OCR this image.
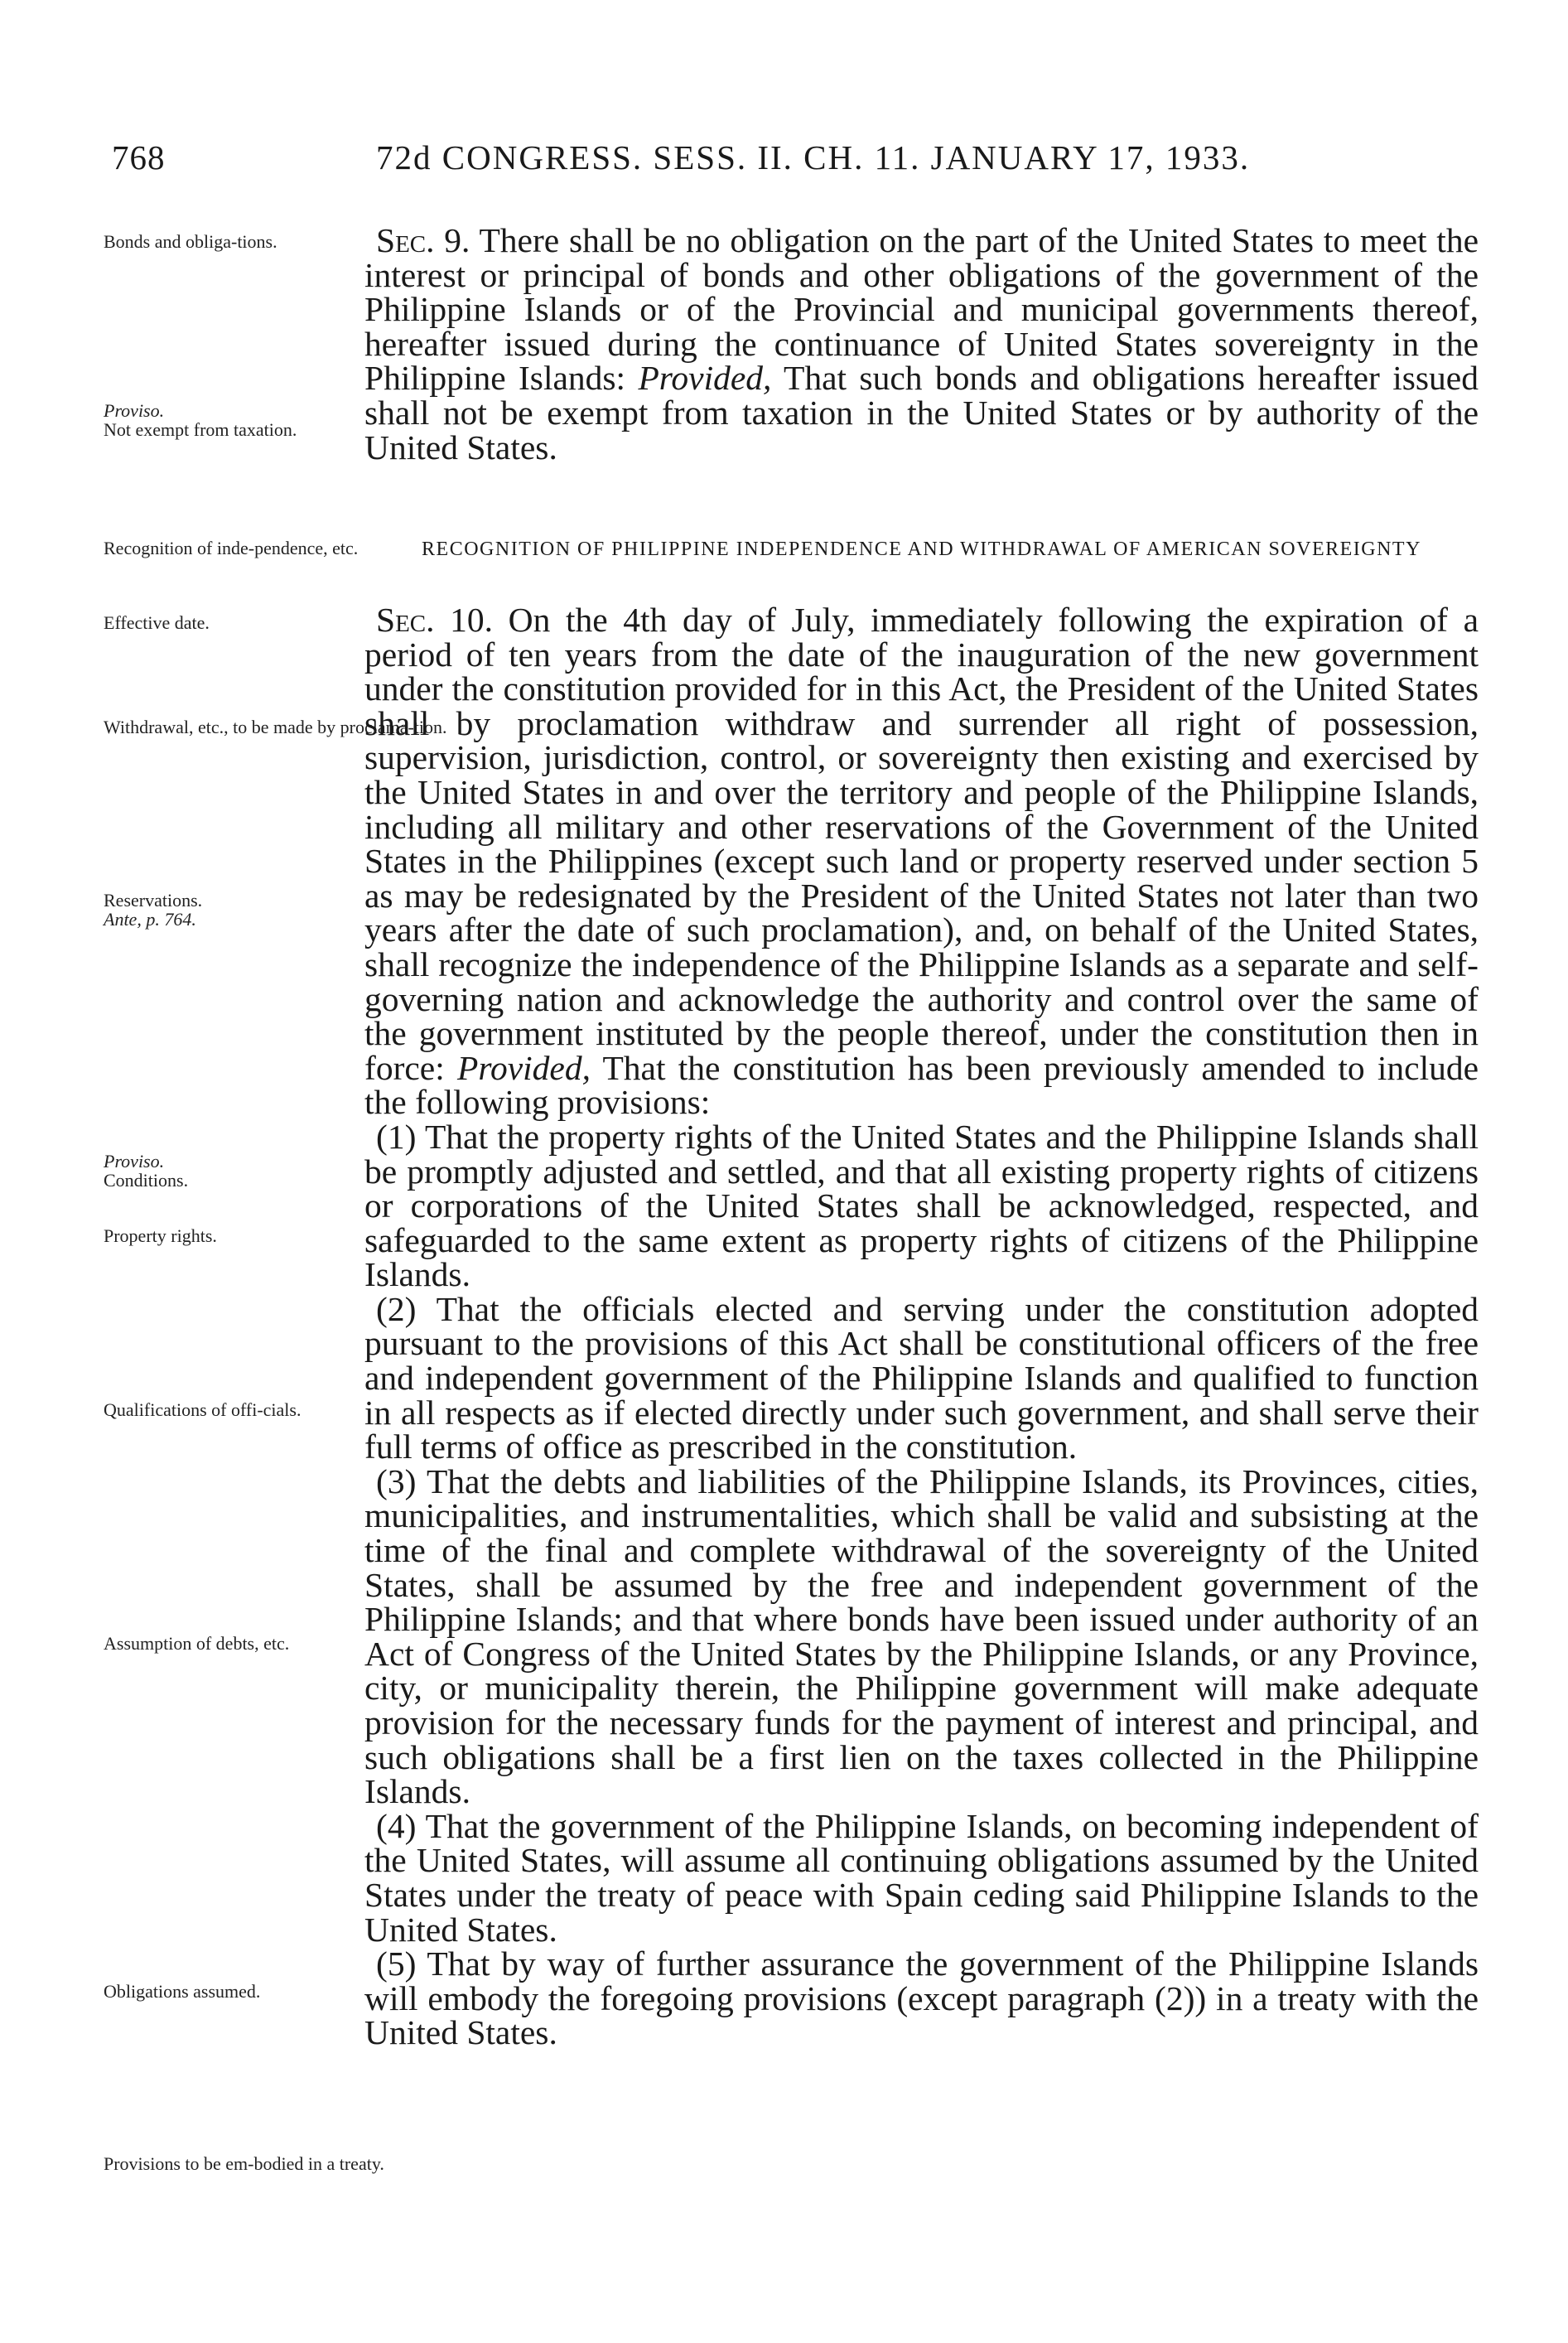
768	72d CONGRESS. SESS. II. CH. 11. JANUARY 17, 1933.
Bonds and obliga-tions.
Proviso.
Not exempt from taxation.
Recognition of inde-pendence, etc.
Effective date.
Withdrawal, etc., to be made by proclama-tion.
Reservations.
Ante, p. 764.
Proviso.
Conditions.
Property rights.
Qualifications of offi-cials.
Assumption of debts, etc.
Obligations assumed.
Provisions to be em-bodied in a treaty.

Sec. 9. There shall be no obligation on the part of the United States to meet the interest or principal of bonds and other obligations of the government of the Philippine Islands or of the Provincial and municipal governments thereof, hereafter issued during the continuance of United States sovereignty in the Philippine Islands: Provided, That such bonds and obligations hereafter issued shall not be exempt from taxation in the United States or by authority of the United States.

RECOGNITION OF PHILIPPINE INDEPENDENCE AND WITHDRAWAL OF AMERICAN SOVEREIGNTY

Sec. 10. On the 4th day of July, immediately following the expiration of a period of ten years from the date of the inauguration of the new government under the constitution provided for in this Act, the President of the United States shall by proclamation withdraw and surrender all right of possession, supervision, jurisdiction, control, or sovereignty then existing and exercised by the United States in and over the territory and people of the Philippine Islands, including all military and other reservations of the Government of the United States in the Philippines (except such land or property reserved under section 5 as may be redesignated by the President of the United States not later than two years after the date of such proclamation), and, on behalf of the United States, shall recognize the independence of the Philippine Islands as a separate and self-governing nation and acknowledge the authority and control over the same of the government instituted by the people thereof, under the constitution then in force: Provided, That the constitution has been previously amended to include the following provisions:

(1) That the property rights of the United States and the Philippine Islands shall be promptly adjusted and settled, and that all existing property rights of citizens or corporations of the United States shall be acknowledged, respected, and safeguarded to the same extent as property rights of citizens of the Philippine Islands.

(2) That the officials elected and serving under the constitution adopted pursuant to the provisions of this Act shall be constitutional officers of the free and independent government of the Philippine Islands and qualified to function in all respects as if elected directly under such government, and shall serve their full terms of office as prescribed in the constitution.

(3) That the debts and liabilities of the Philippine Islands, its Provinces, cities, municipalities, and instrumentalities, which shall be valid and subsisting at the time of the final and complete withdrawal of the sovereignty of the United States, shall be assumed by the free and independent government of the Philippine Islands; and that where bonds have been issued under authority of an Act of Congress of the United States by the Philippine Islands, or any Province, city, or municipality therein, the Philippine government will make adequate provision for the necessary funds for the payment of interest and principal, and such obligations shall be a first lien on the taxes collected in the Philippine Islands.

(4) That the government of the Philippine Islands, on becoming independent of the United States, will assume all continuing obligations assumed by the United States under the treaty of peace with Spain ceding said Philippine Islands to the United States.

(5) That by way of further assurance the government of the Philippine Islands will embody the foregoing provisions (except paragraph (2)) in a treaty with the United States.
